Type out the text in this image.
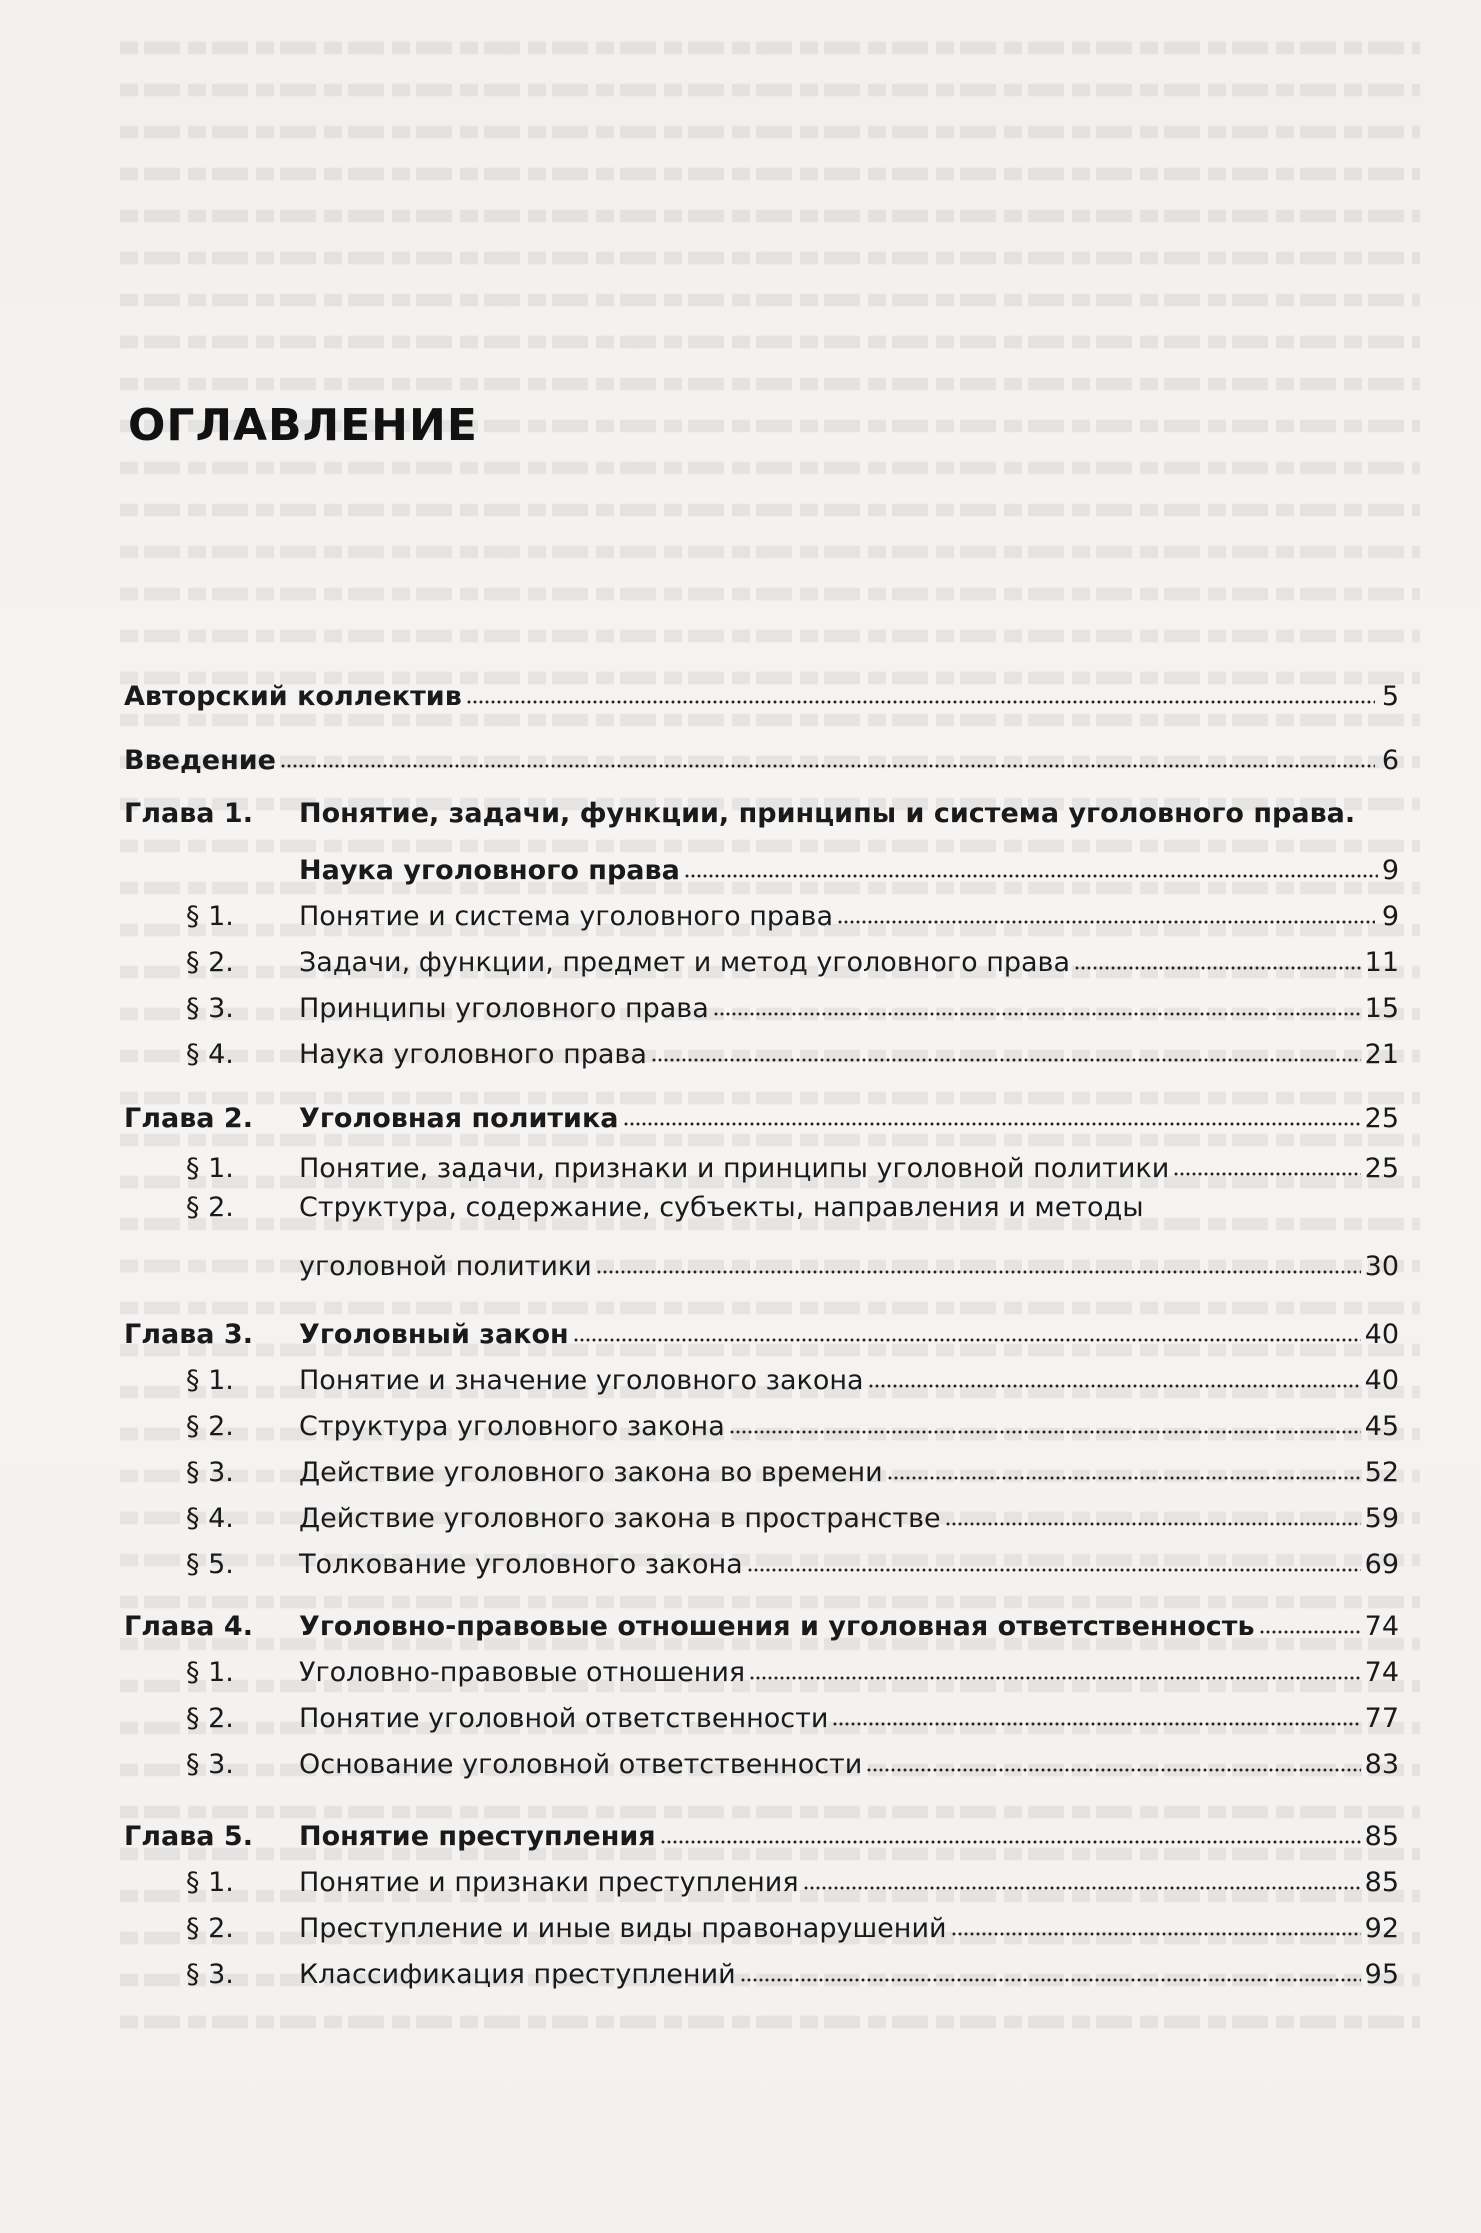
ОГЛАВЛЕНИЕ
Авторский коллектив	5
Введение	6
Глава 1.	Понятие, задачи, функции, принципы и система уголовного права.
Наука уголовного права	9
§ 1.	Понятие и система уголовного права	9
§ 2.	Задачи, функции, предмет и метод уголовного права	11
§ 3.	Принципы уголовного права	15
§ 4.	Наука уголовного права	21
Глава 2.	Уголовная политика	25
§ 1.	Понятие, задачи, признаки и принципы уголовной политики	25
§ 2.	Структура, содержание, субъекты, направления и методы
уголовной политики	30
Глава 3.	Уголовный закон	40
§ 1.	Понятие и значение уголовного закона	40
§ 2.	Структура уголовного закона	45
§ 3.	Действие уголовного закона во времени	52
§ 4.	Действие уголовного закона в пространстве	59
§ 5.	Толкование уголовного закона	69
Глава 4.	Уголовно-правовые отношения и уголовная ответственность	74
§ 1.	Уголовно-правовые отношения	74
§ 2.	Понятие уголовной ответственности	77
§ 3.	Основание уголовной ответственности	83
Глава 5.	Понятие преступления	85
§ 1.	Понятие и признаки преступления	85
§ 2.	Преступление и иные виды правонарушений	92
§ 3.	Классификация преступлений	95
